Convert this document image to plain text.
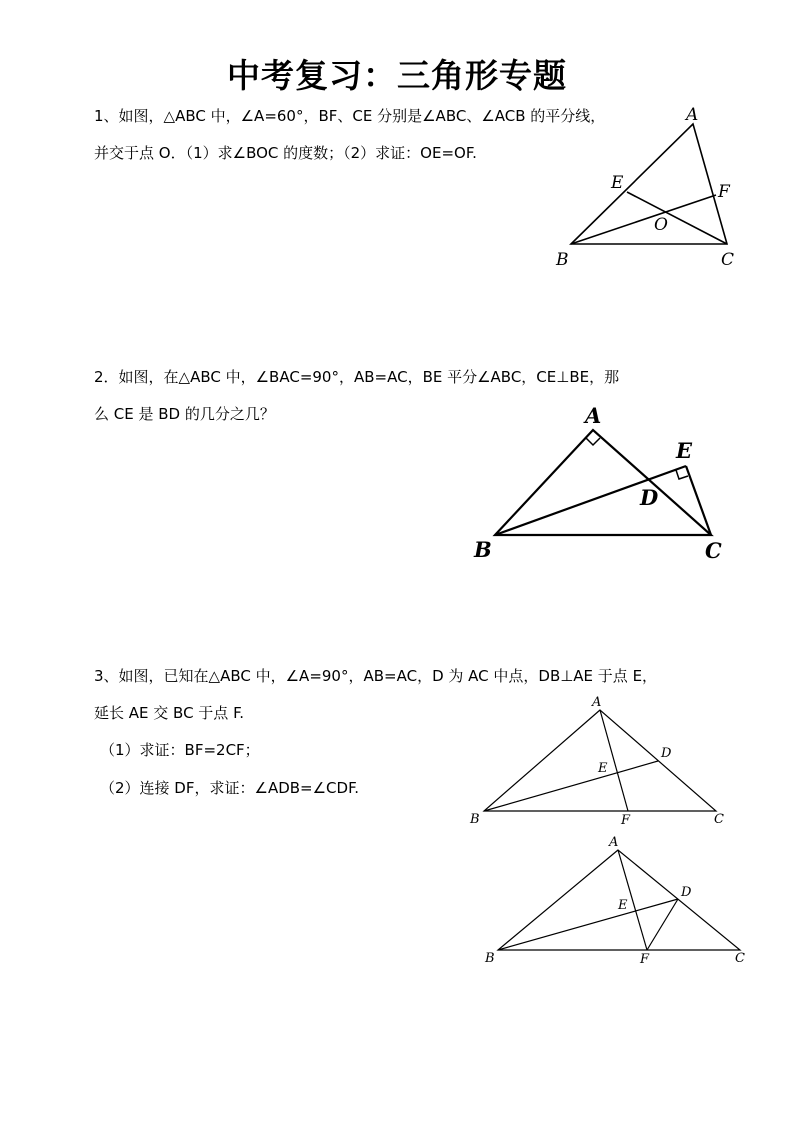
中考复习：三角形专题
1、如图，△ABC 中，∠A=60°，BF、CE 分别是∠ABC、∠ACB 的平分线，
并交于点 O．（1）求∠BOC 的度数；（2）求证：OE=OF.
A
E	F
O
B	C
2．如图，在△ABC 中，∠BAC=90°，AB=AC，BE 平分∠ABC，CE⊥BE，那
么 CE 是 BD 的几分之几？	A
E
D
B	C
3、如图，已知在△ABC 中，∠A=90°，AB=AC，D 为 AC 中点，DB⊥AE 于点 E，
延长 AE 交 BC 于点 F.
（1）求证：BF=2CF；
（2）连接 DF，求证：∠ADB=∠CDF.
A
D
E
B	F	C
A
D
E
B	F	C
